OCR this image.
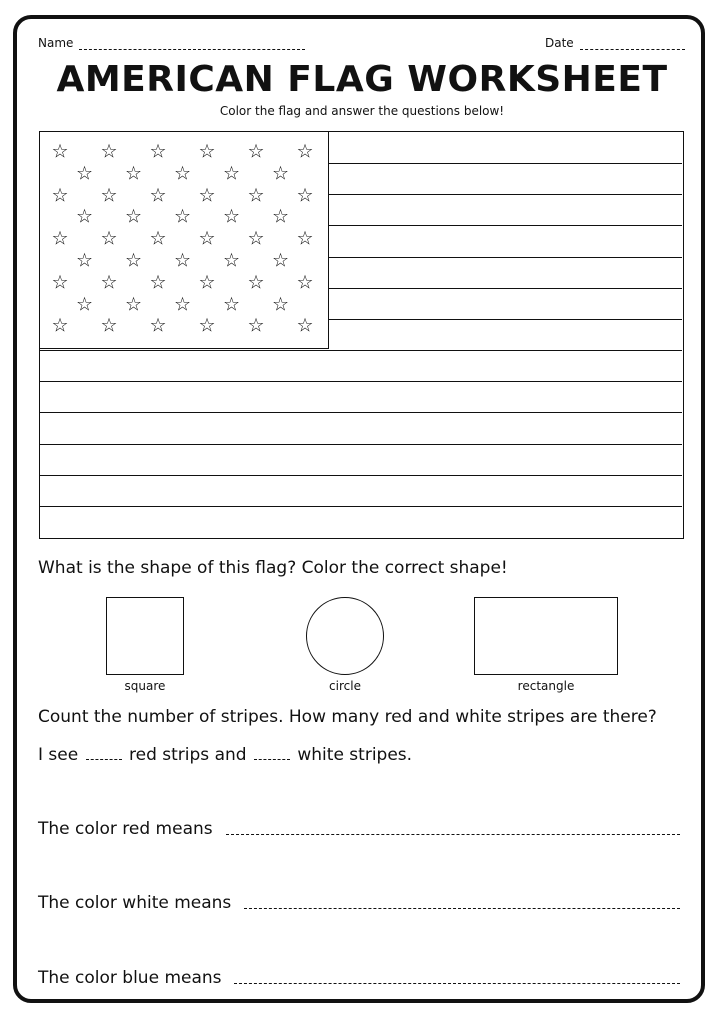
Name	Date
AMERICAN FLAG WORKSHEET
Color the flag and answer the questions below!
☆ ☆ ☆ ☆ ☆ ☆
☆ ☆ ☆ ☆ ☆
☆ ☆ ☆ ☆ ☆ ☆
☆ ☆ ☆ ☆ ☆
☆ ☆ ☆ ☆ ☆ ☆
☆ ☆ ☆ ☆ ☆
☆ ☆ ☆ ☆ ☆ ☆
☆ ☆ ☆ ☆ ☆
☆ ☆ ☆ ☆ ☆ ☆
What is the shape of this flag? Color the correct shape!
square	circle	rectangle
Count the number of stripes. How many red and white stripes are there?
I see	red strips and	white stripes.
The color red means
The color white means
The color blue means
